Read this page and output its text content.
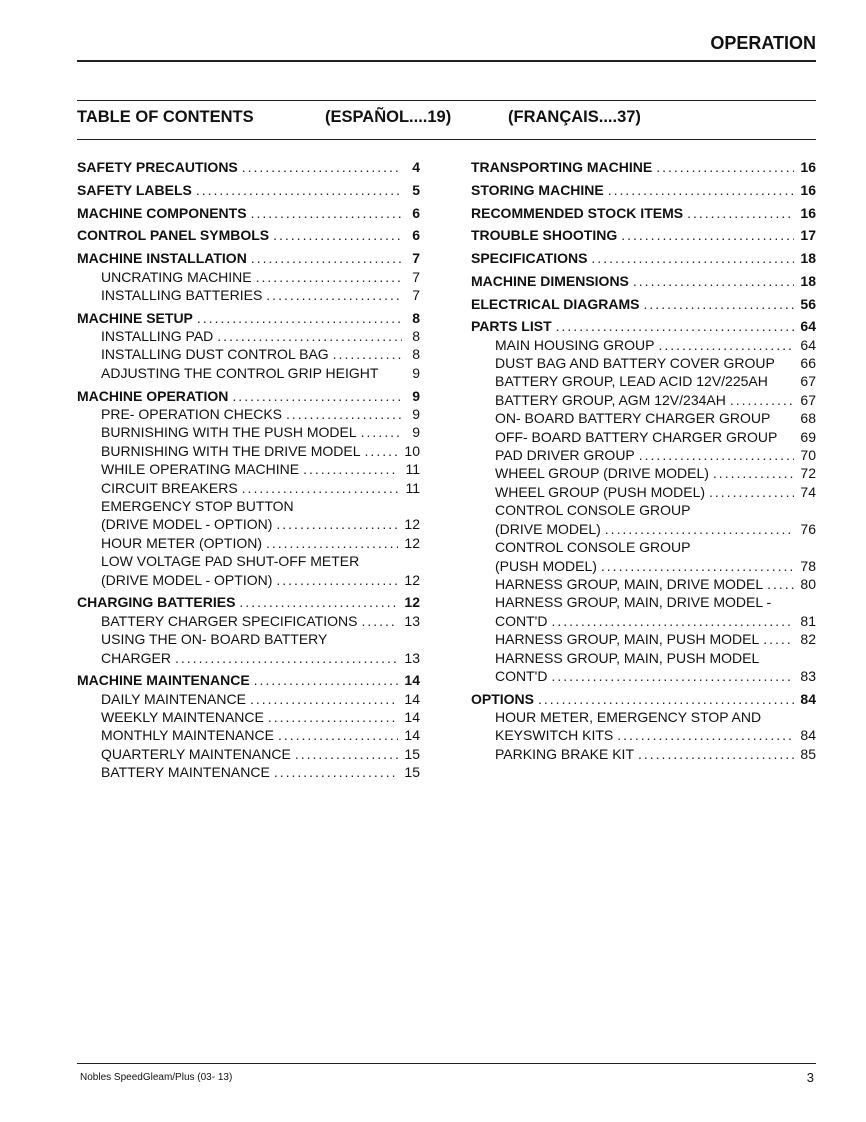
OPERATION
TABLE OF CONTENTS	(ESPAÑOL....19)	(FRANÇAIS....37)
SAFETY PRECAUTIONS .....	4
SAFETY LABELS .....	5
MACHINE COMPONENTS .....	6
CONTROL PANEL SYMBOLS .....	6
MACHINE INSTALLATION .....	7
UNCRATING MACHINE .....	7
INSTALLING BATTERIES .....	7
MACHINE SETUP .....	8
INSTALLING PAD .....	8
INSTALLING DUST CONTROL BAG .....	8
ADJUSTING THE CONTROL GRIP HEIGHT	9
MACHINE OPERATION .....	9
PRE- OPERATION CHECKS .....	9
BURNISHING WITH THE PUSH MODEL .....	9
BURNISHING WITH THE DRIVE MODEL .....	10
WHILE OPERATING MACHINE .....	11
CIRCUIT BREAKERS .....	11
EMERGENCY STOP BUTTON
(DRIVE MODEL - OPTION) .....	12
HOUR METER (OPTION) .....	12
LOW VOLTAGE PAD SHUT-OFF METER
(DRIVE MODEL - OPTION) .....	12
CHARGING BATTERIES .....	12
BATTERY CHARGER SPECIFICATIONS .....	13
USING THE ON- BOARD BATTERY
CHARGER .....	13
MACHINE MAINTENANCE .....	14
DAILY MAINTENANCE .....	14
WEEKLY MAINTENANCE .....	14
MONTHLY MAINTENANCE .....	14
QUARTERLY MAINTENANCE .....	15
BATTERY MAINTENANCE .....	15
TRANSPORTING MACHINE .....	16
STORING MACHINE .....	16
RECOMMENDED STOCK ITEMS .....	16
TROUBLE SHOOTING .....	17
SPECIFICATIONS .....	18
MACHINE DIMENSIONS .....	18
ELECTRICAL DIAGRAMS .....	56
PARTS LIST .....	64
MAIN HOUSING GROUP .....	64
DUST BAG AND BATTERY COVER GROUP 66
BATTERY GROUP, LEAD ACID 12V/225AH 67
BATTERY GROUP, AGM 12V/234AH .....	67
ON- BOARD BATTERY CHARGER GROUP 68
OFF- BOARD BATTERY CHARGER GROUP 69
PAD DRIVER GROUP .....	70
WHEEL GROUP (DRIVE MODEL) .....	72
WHEEL GROUP (PUSH MODEL) .....	74
CONTROL CONSOLE GROUP
(DRIVE MODEL) .....	76
CONTROL CONSOLE GROUP
(PUSH MODEL) .....	78
HARNESS GROUP, MAIN, DRIVE MODEL .....	80
HARNESS GROUP, MAIN, DRIVE MODEL -
CONT'D .....	81
HARNESS GROUP, MAIN, PUSH MODEL .....	82
HARNESS GROUP, MAIN, PUSH MODEL
CONT'D .....	83
OPTIONS .....	84
HOUR METER, EMERGENCY STOP AND
KEYSWITCH KITS .....	84
PARKING BRAKE KIT .....	85
Nobles SpeedGleam/Plus (03- 13)	3
